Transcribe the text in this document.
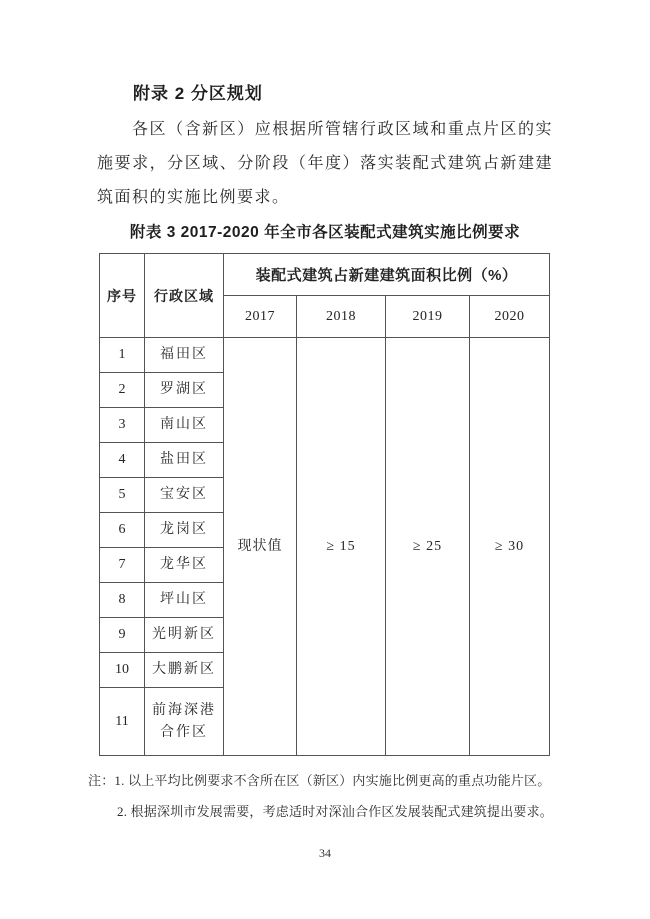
附录 2 分区规划

各区（含新区）应根据所管辖行政区域和重点片区的实施要求，分区域、分阶段（年度）落实装配式建筑占新建建筑面积的实施比例要求。

附表 3 2017-2020 年全市各区装配式建筑实施比例要求
序号	行政区域	装配式建筑占新建建筑面积比例（%）			
		2017	2018	2019	2020
1	福田区	现状值	≥ 15	≥ 25	≥ 30
2	罗湖区				
3	南山区				
4	盐田区				
5	宝安区				
6	龙岗区				
7	龙华区				
8	坪山区				
9	光明新区				
10	大鹏新区				
11	前海深港合作区				
注：1. 以上平均比例要求不含所在区（新区）内实施比例更高的重点功能片区。
2. 根据深圳市发展需要，考虑适时对深汕合作区发展装配式建筑提出要求。
34
